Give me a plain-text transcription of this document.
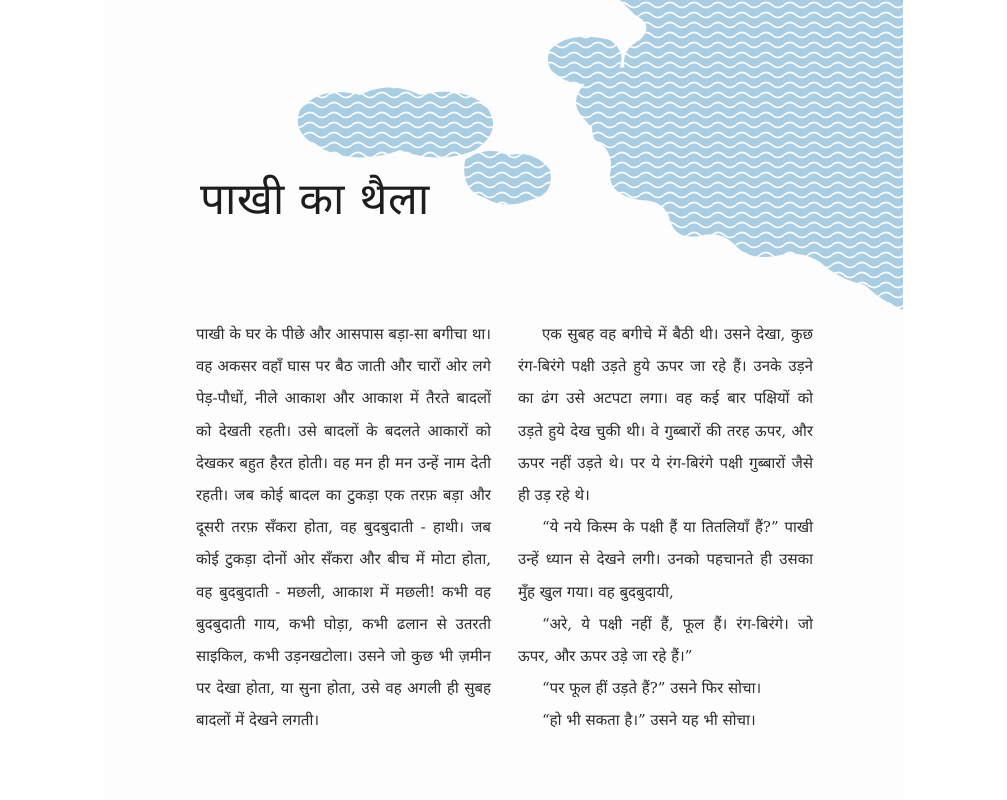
पाखी का थैला

पाखी के घर के पीछे और आसपास बड़ा-सा बगीचा था। वह अकसर वहाँ घास पर बैठ जाती और चारों ओर लगे पेड़-पौधों, नीले आकाश और आकाश में तैरते बादलों को देखती रहती। उसे बादलों के बदलते आकारों को देखकर बहुत हैरत होती। वह मन ही मन उन्हें नाम देती रहती। जब कोई बादल का टुकड़ा एक तरफ़ बड़ा और दूसरी तरफ़ सँकरा होता, वह बुदबुदाती - हाथी। जब कोई टुकड़ा दोनों ओर सँकरा और बीच में मोटा होता, वह बुदबुदाती - मछली, आकाश में मछली! कभी वह बुदबुदाती गाय, कभी घोड़ा, कभी ढलान से उतरती साइकिल, कभी उड़नखटोला। उसने जो कुछ भी ज़मीन पर देखा होता, या सुना होता, उसे वह अगली ही सुबह बादलों में देखने लगती।

एक सुबह वह बगीचे में बैठी थी। उसने देखा, कुछ रंग-बिरंगे पक्षी उड़ते हुये ऊपर जा रहे हैं। उनके उड़ने का ढंग उसे अटपटा लगा। वह कई बार पक्षियों को उड़ते हुये देख चुकी थी। वे गुब्बारों की तरह ऊपर, और ऊपर नहीं उड़ते थे। पर ये रंग-बिरंगे पक्षी गुब्बारों जैसे ही उड़ रहे थे।

“ये नये किस्म के पक्षी हैं या तितलियाँ हैं?” पाखी उन्हें ध्यान से देखने लगी। उनको पहचानते ही उसका मुँह खुल गया। वह बुदबुदायी,

“अरे, ये पक्षी नहीं हैं, फूल हैं। रंग-बिरंगे। जो ऊपर, और ऊपर उड़े जा रहे हैं।”

“पर फूल हीं उड़ते हैं?” उसने फिर सोचा।

“हो भी सकता है।” उसने यह भी सोचा।
